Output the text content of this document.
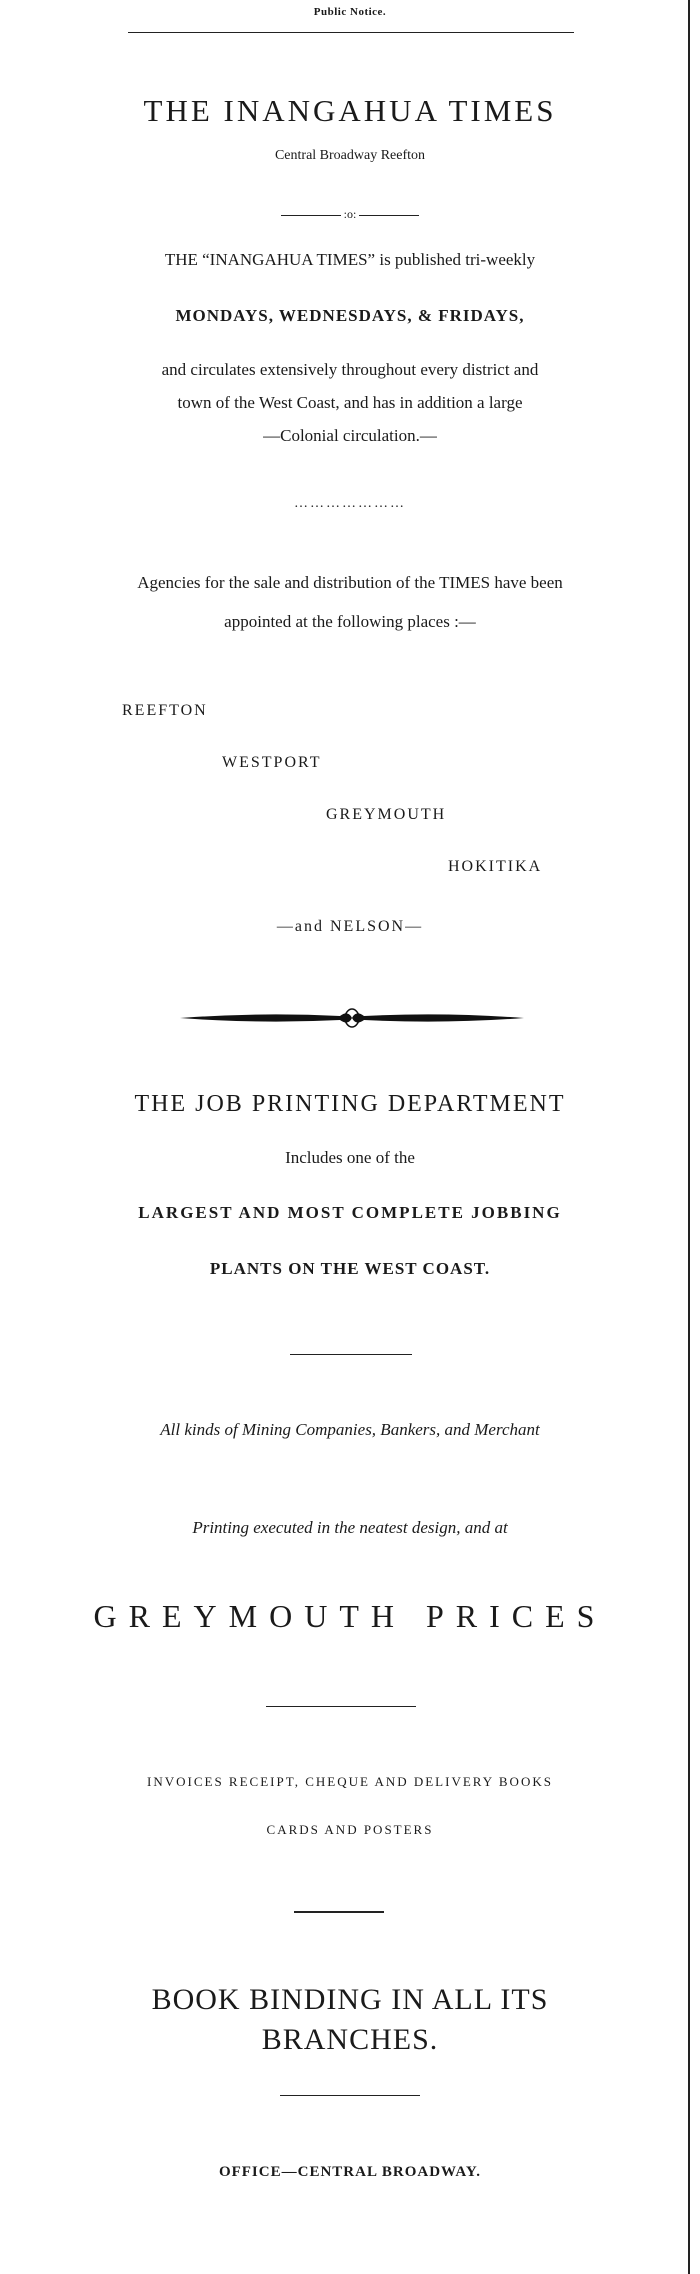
Public Notice.
THE INANGAHUA TIMES
Central Broadway Reefton
:o:
THE “INANGAHUA TIMES” is published tri-weekly
MONDAYS, WEDNESDAYS, & FRIDAYS,
and circulates extensively throughout every district and
town of the West Coast, and has in addition a large
—Colonial circulation.—
…………………
Agencies for the sale and distribution of the TIMES have been
appointed at the following places :—
REEFTON
WESTPORT
GREYMOUTH
HOKITIKA
—and NELSON—
THE JOB PRINTING DEPARTMENT
Includes one of the
LARGEST AND MOST COMPLETE JOBBING
PLANTS ON THE WEST COAST.
All kinds of Mining Companies, Bankers, and Merchant
Printing executed in the neatest design, and at
GREYMOUTH PRICES
INVOICES RECEIPT, CHEQUE AND DELIVERY BOOKS
CARDS AND POSTERS
BOOK BINDING IN ALL ITS
BRANCHES.
OFFICE—CENTRAL BROADWAY.
